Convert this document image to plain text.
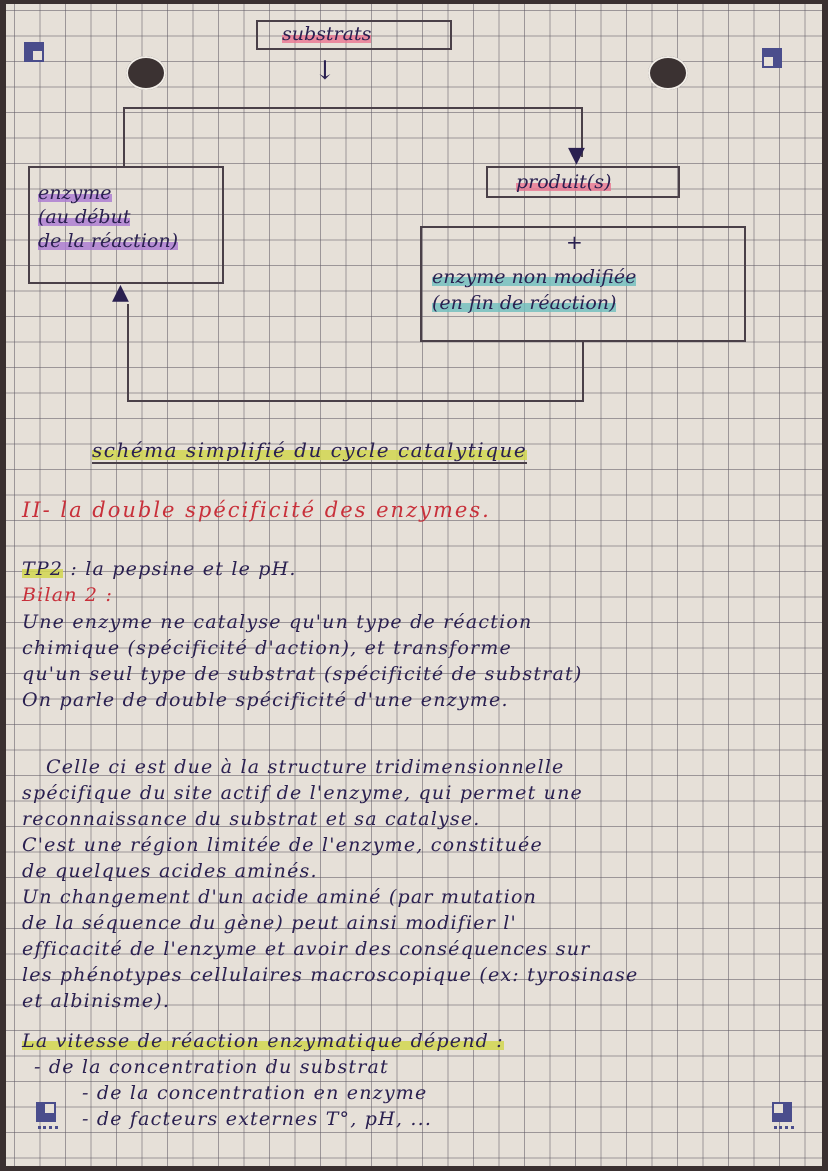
substrats
↓
▼
enzyme
(au début
de la réaction)
produit(s)
+
enzyme non modifiée
(en fin de réaction)
▲
schéma simplifié du cycle catalytique
II- la double spécificité des enzymes.
TP2 : la pepsine et le pH.
Bilan 2 :
Une enzyme ne catalyse qu'un type de réaction
chimique (spécificité d'action), et transforme
qu'un seul type de substrat (spécificité de substrat)
On parle de double spécificité d'une enzyme.
Celle ci est due à la structure tridimensionnelle
spécifique du site actif de l'enzyme, qui permet une
reconnaissance du substrat et sa catalyse.
C'est une région limitée de l'enzyme, constituée
de quelques acides aminés.
Un changement d'un acide aminé (par mutation
de la séquence du gène) peut ainsi modifier l'
efficacité de l'enzyme et avoir des conséquences sur
les phénotypes cellulaires macroscopique (ex: tyrosinase
et albinisme).
La vitesse de réaction enzymatique dépend :
- de la concentration du substrat
- de la concentration en enzyme
- de facteurs externes T°, pH, ...
